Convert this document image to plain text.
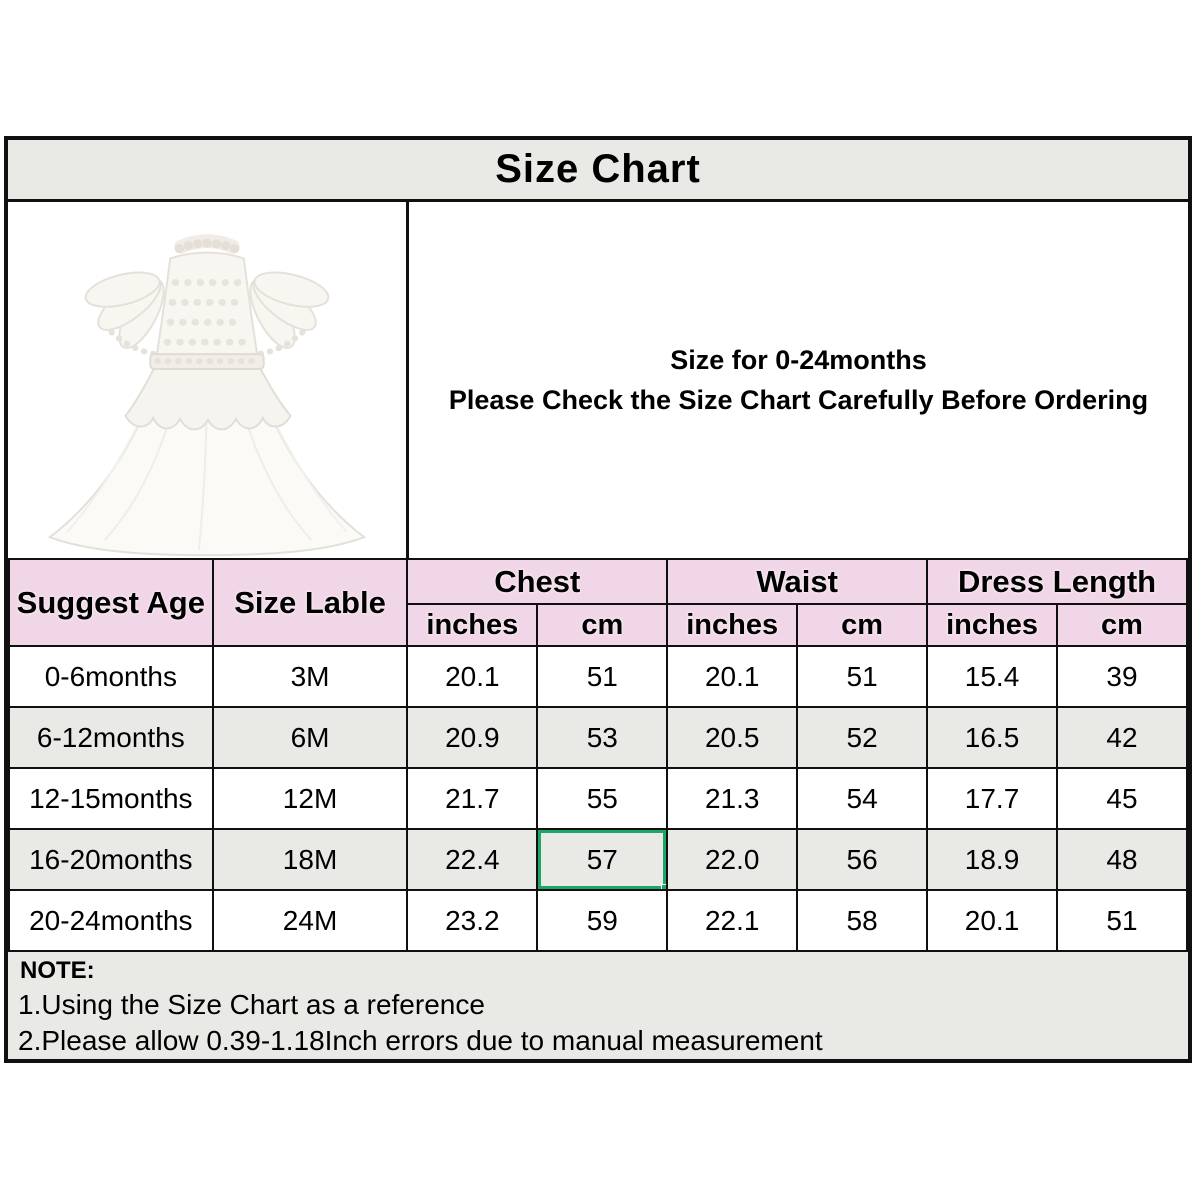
Size Chart
Size for 0-24months
Please Check the Size Chart Carefully Before Ordering
Suggest Age	Size Lable	Chest		Waist		Dress Length	
		inches	cm	inches	cm	inches	cm
0-6months	3M	20.1	51	20.1	51	15.4	39
6-12months	6M	20.9	53	20.5	52	16.5	42
12-15months	12M	21.7	55	21.3	54	17.7	45
16-20months	18M	22.4	57	22.0	56	18.9	48
20-24months	24M	23.2	59	22.1	58	20.1	51
NOTE:
1.Using the Size Chart as a reference
2.Please allow 0.39-1.18Inch errors due to manual measurement
